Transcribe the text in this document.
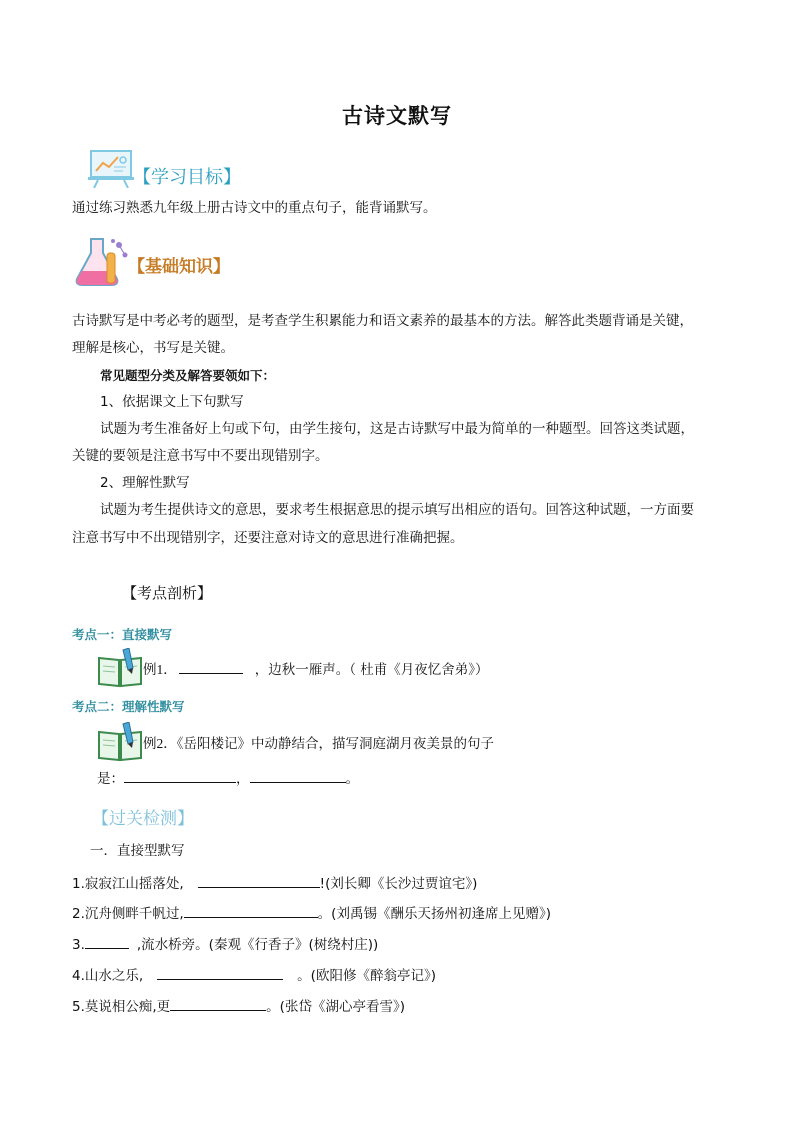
古诗文默写
【学习目标】
通过练习熟悉九年级上册古诗文中的重点句子，能背诵默写。
【基础知识】
古诗默写是中考必考的题型，是考查学生积累能力和语文素养的最基本的方法。解答此类题背诵是关键，
理解是核心，书写是关键。
常见题型分类及解答要领如下：
1、依据课文上下句默写
试题为考生准备好上句或下句，由学生接句，这是古诗默写中最为简单的一种题型。回答这类试题，
关键的要领是注意书写中不要出现错别字。
2、理解性默写
试题为考生提供诗文的意思，要求考生根据意思的提示填写出相应的语句。回答这种试题，一方面要
注意书写中不出现错别字，还要注意对诗文的意思进行准确把握。
【考点剖析】
考点一：直接默写
例1．	，边秋一雁声。（ 杜甫《月夜忆舍弟》）
考点二：理解性默写
例2．《岳阳楼记》中动静结合，描写洞庭湖月夜美景的句子
是：	，	。
【过关检测】
一．直接型默写
1.寂寂江山摇落处,	!(刘长卿《长沙过贾谊宅》)
2.沉舟侧畔千帆过,	。(刘禹锡《酬乐天扬州初逢席上见赠》)
3.	,流水桥旁。(秦观《行香子》(树绕村庄))
4.山水之乐,	。(欧阳修《醉翁亭记》)
5.莫说相公痴,更	。(张岱《湖心亭看雪》)
